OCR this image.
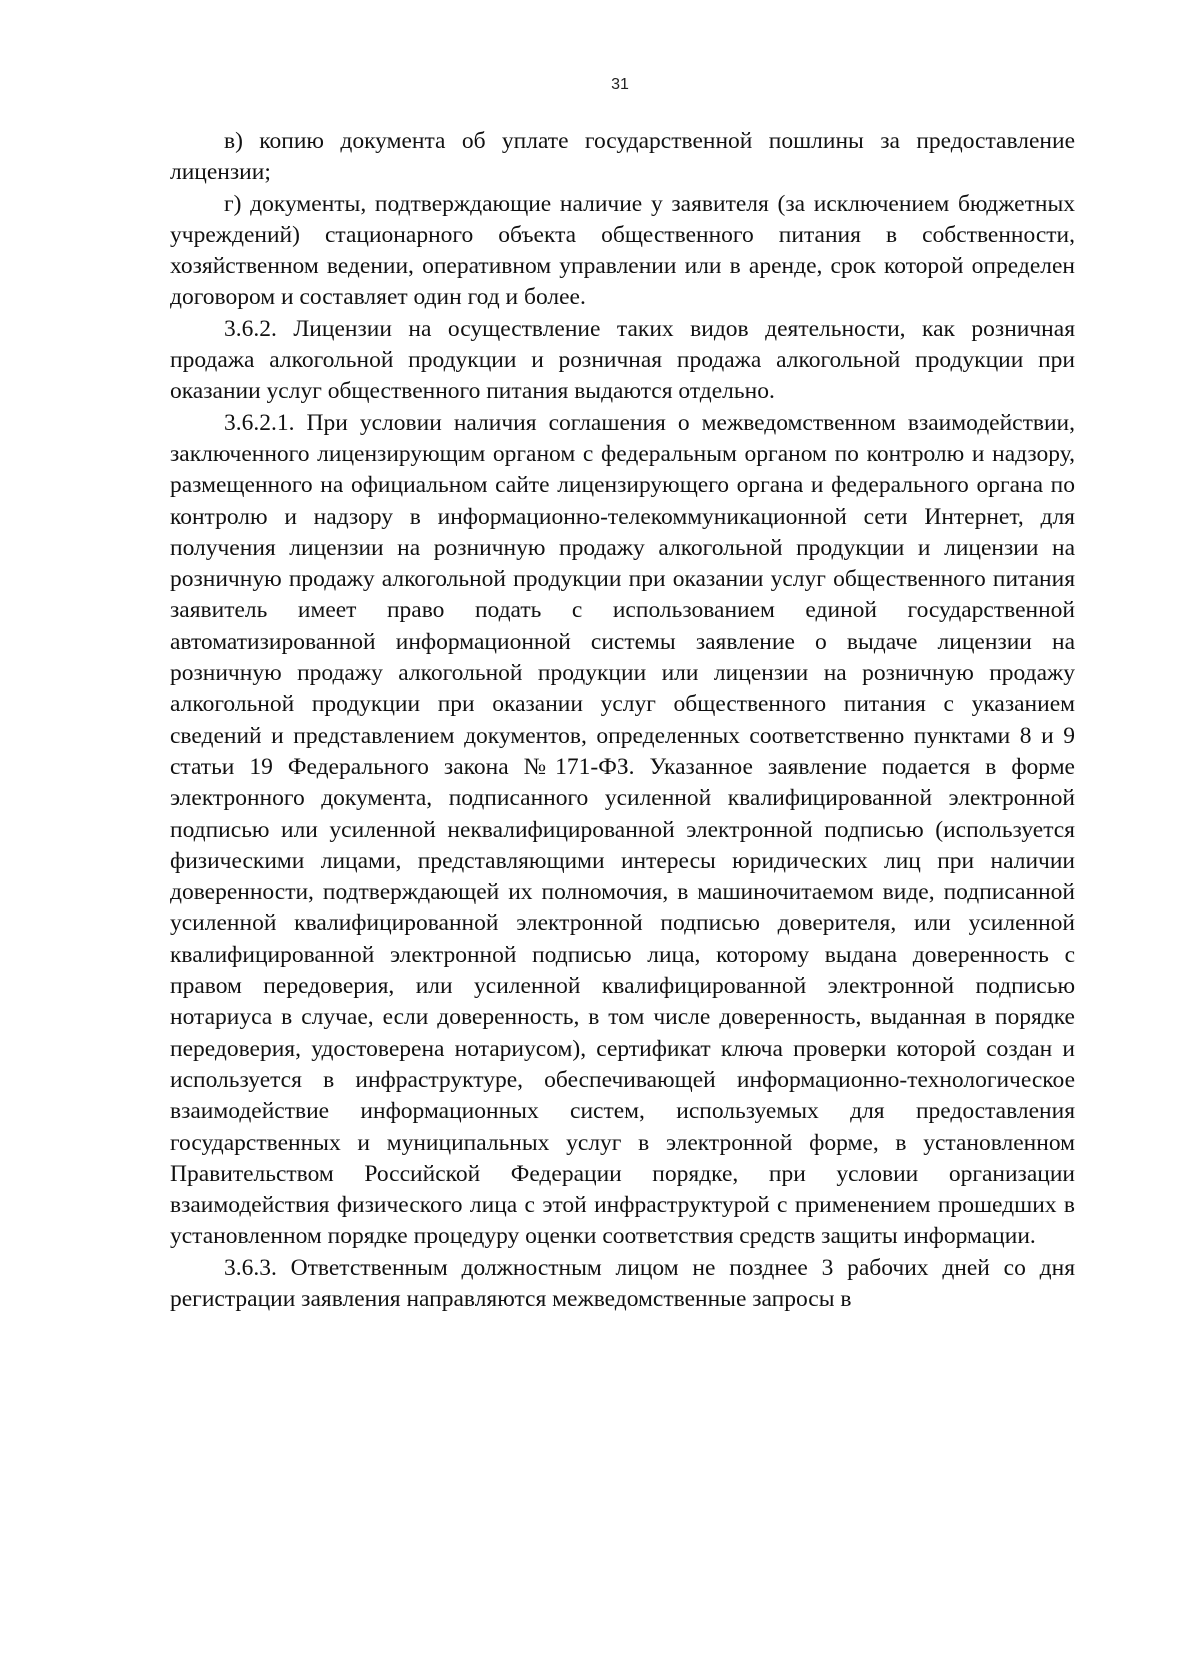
31

в) копию документа об уплате государственной пошлины за предоставление лицензии;

г) документы, подтверждающие наличие у заявителя (за исключением бюджетных учреждений) стационарного объекта общественного питания в собственности, хозяйственном ведении, оперативном управлении или в аренде, срок которой определен договором и составляет один год и более.

3.6.2. Лицензии на осуществление таких видов деятельности, как розничная продажа алкогольной продукции и розничная продажа алкогольной продукции при оказании услуг общественного питания выдаются отдельно.

3.6.2.1. При условии наличия соглашения о межведомственном взаимодействии, заключенного лицензирующим органом с федеральным органом по контролю и надзору, размещенного на официальном сайте лицензирующего органа и федерального органа по контролю и надзору в информационно-телекоммуникационной сети Интернет, для получения лицензии на розничную продажу алкогольной продукции и лицензии на розничную продажу алкогольной продукции при оказании услуг общественного питания заявитель имеет право подать с использованием единой государственной автоматизированной информационной системы заявление о выдаче лицензии на розничную продажу алкогольной продукции или лицензии на розничную продажу алкогольной продукции при оказании услуг общественного питания с указанием сведений и представлением документов, определенных соответственно пунктами 8 и 9 статьи 19 Федерального закона №171-ФЗ. Указанное заявление подается в форме электронного документа, подписанного усиленной квалифицированной электронной подписью или усиленной неквалифицированной электронной подписью (используется физическими лицами, представляющими интересы юридических лиц при наличии доверенности, подтверждающей их полномочия, в машиночитаемом виде, подписанной усиленной квалифицированной электронной подписью доверителя, или усиленной квалифицированной электронной подписью лица, которому выдана доверенность с правом передоверия, или усиленной квалифицированной электронной подписью нотариуса в случае, если доверенность, в том числе доверенность, выданная в порядке передоверия, удостоверена нотариусом), сертификат ключа проверки которой создан и используется в инфраструктуре, обеспечивающей информационно-технологическое взаимодействие информационных систем, используемых для предоставления государственных и муниципальных услуг в электронной форме, в установленном Правительством Российской Федерации порядке, при условии организации взаимодействия физического лица с этой инфраструктурой с применением прошедших в установленном порядке процедуру оценки соответствия средств защиты информации.

3.6.3. Ответственным должностным лицом не позднее 3 рабочих дней со дня регистрации заявления направляются межведомственные запросы в
